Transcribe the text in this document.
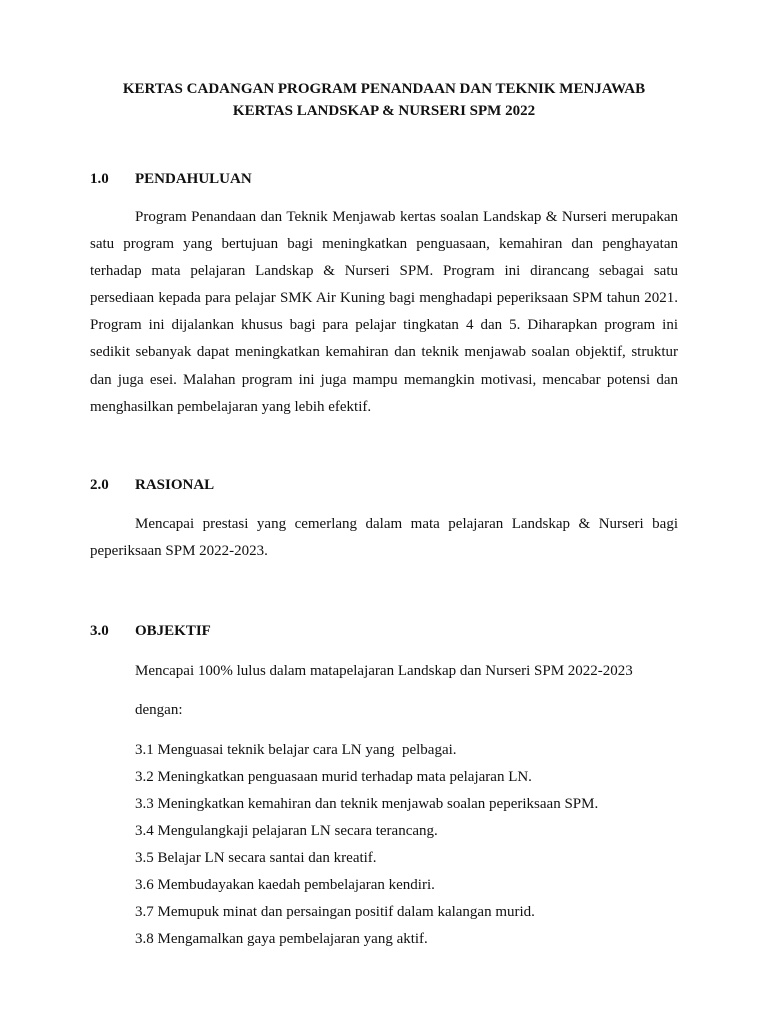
KERTAS CADANGAN PROGRAM PENANDAAN DAN TEKNIK MENJAWAB
KERTAS LANDSKAP & NURSERI SPM 2022
1.0 PENDAHULUAN

Program Penandaan dan Teknik Menjawab kertas soalan Landskap & Nurseri merupakan satu program yang bertujuan bagi meningkatkan penguasaan, kemahiran dan penghayatan terhadap mata pelajaran Landskap & Nurseri SPM. Program ini dirancang sebagai satu persediaan kepada para pelajar SMK Air Kuning bagi menghadapi peperiksaan SPM tahun 2021. Program ini dijalankan khusus bagi para pelajar tingkatan 4 dan 5. Diharapkan program ini sedikit sebanyak dapat meningkatkan kemahiran dan teknik menjawab soalan objektif, struktur dan juga esei. Malahan program ini juga mampu memangkin motivasi, mencabar potensi dan menghasilkan pembelajaran yang lebih efektif.

2.0 RASIONAL

Mencapai prestasi yang cemerlang dalam mata pelajaran Landskap & Nurseri bagi peperiksaan SPM 2022-2023.

3.0 OBJEKTIF
Mencapai 100% lulus dalam matapelajaran Landskap dan Nurseri SPM 2022-2023
dengan:
3.1 Menguasai teknik belajar cara LN yang  pelbagai.
3.2 Meningkatkan penguasaan murid terhadap mata pelajaran LN.
3.3 Meningkatkan kemahiran dan teknik menjawab soalan peperiksaan SPM.
3.4 Mengulangkaji pelajaran LN secara terancang.
3.5 Belajar LN secara santai dan kreatif.
3.6 Membudayakan kaedah pembelajaran kendiri.
3.7 Memupuk minat dan persaingan positif dalam kalangan murid.
3.8 Mengamalkan gaya pembelajaran yang aktif.
